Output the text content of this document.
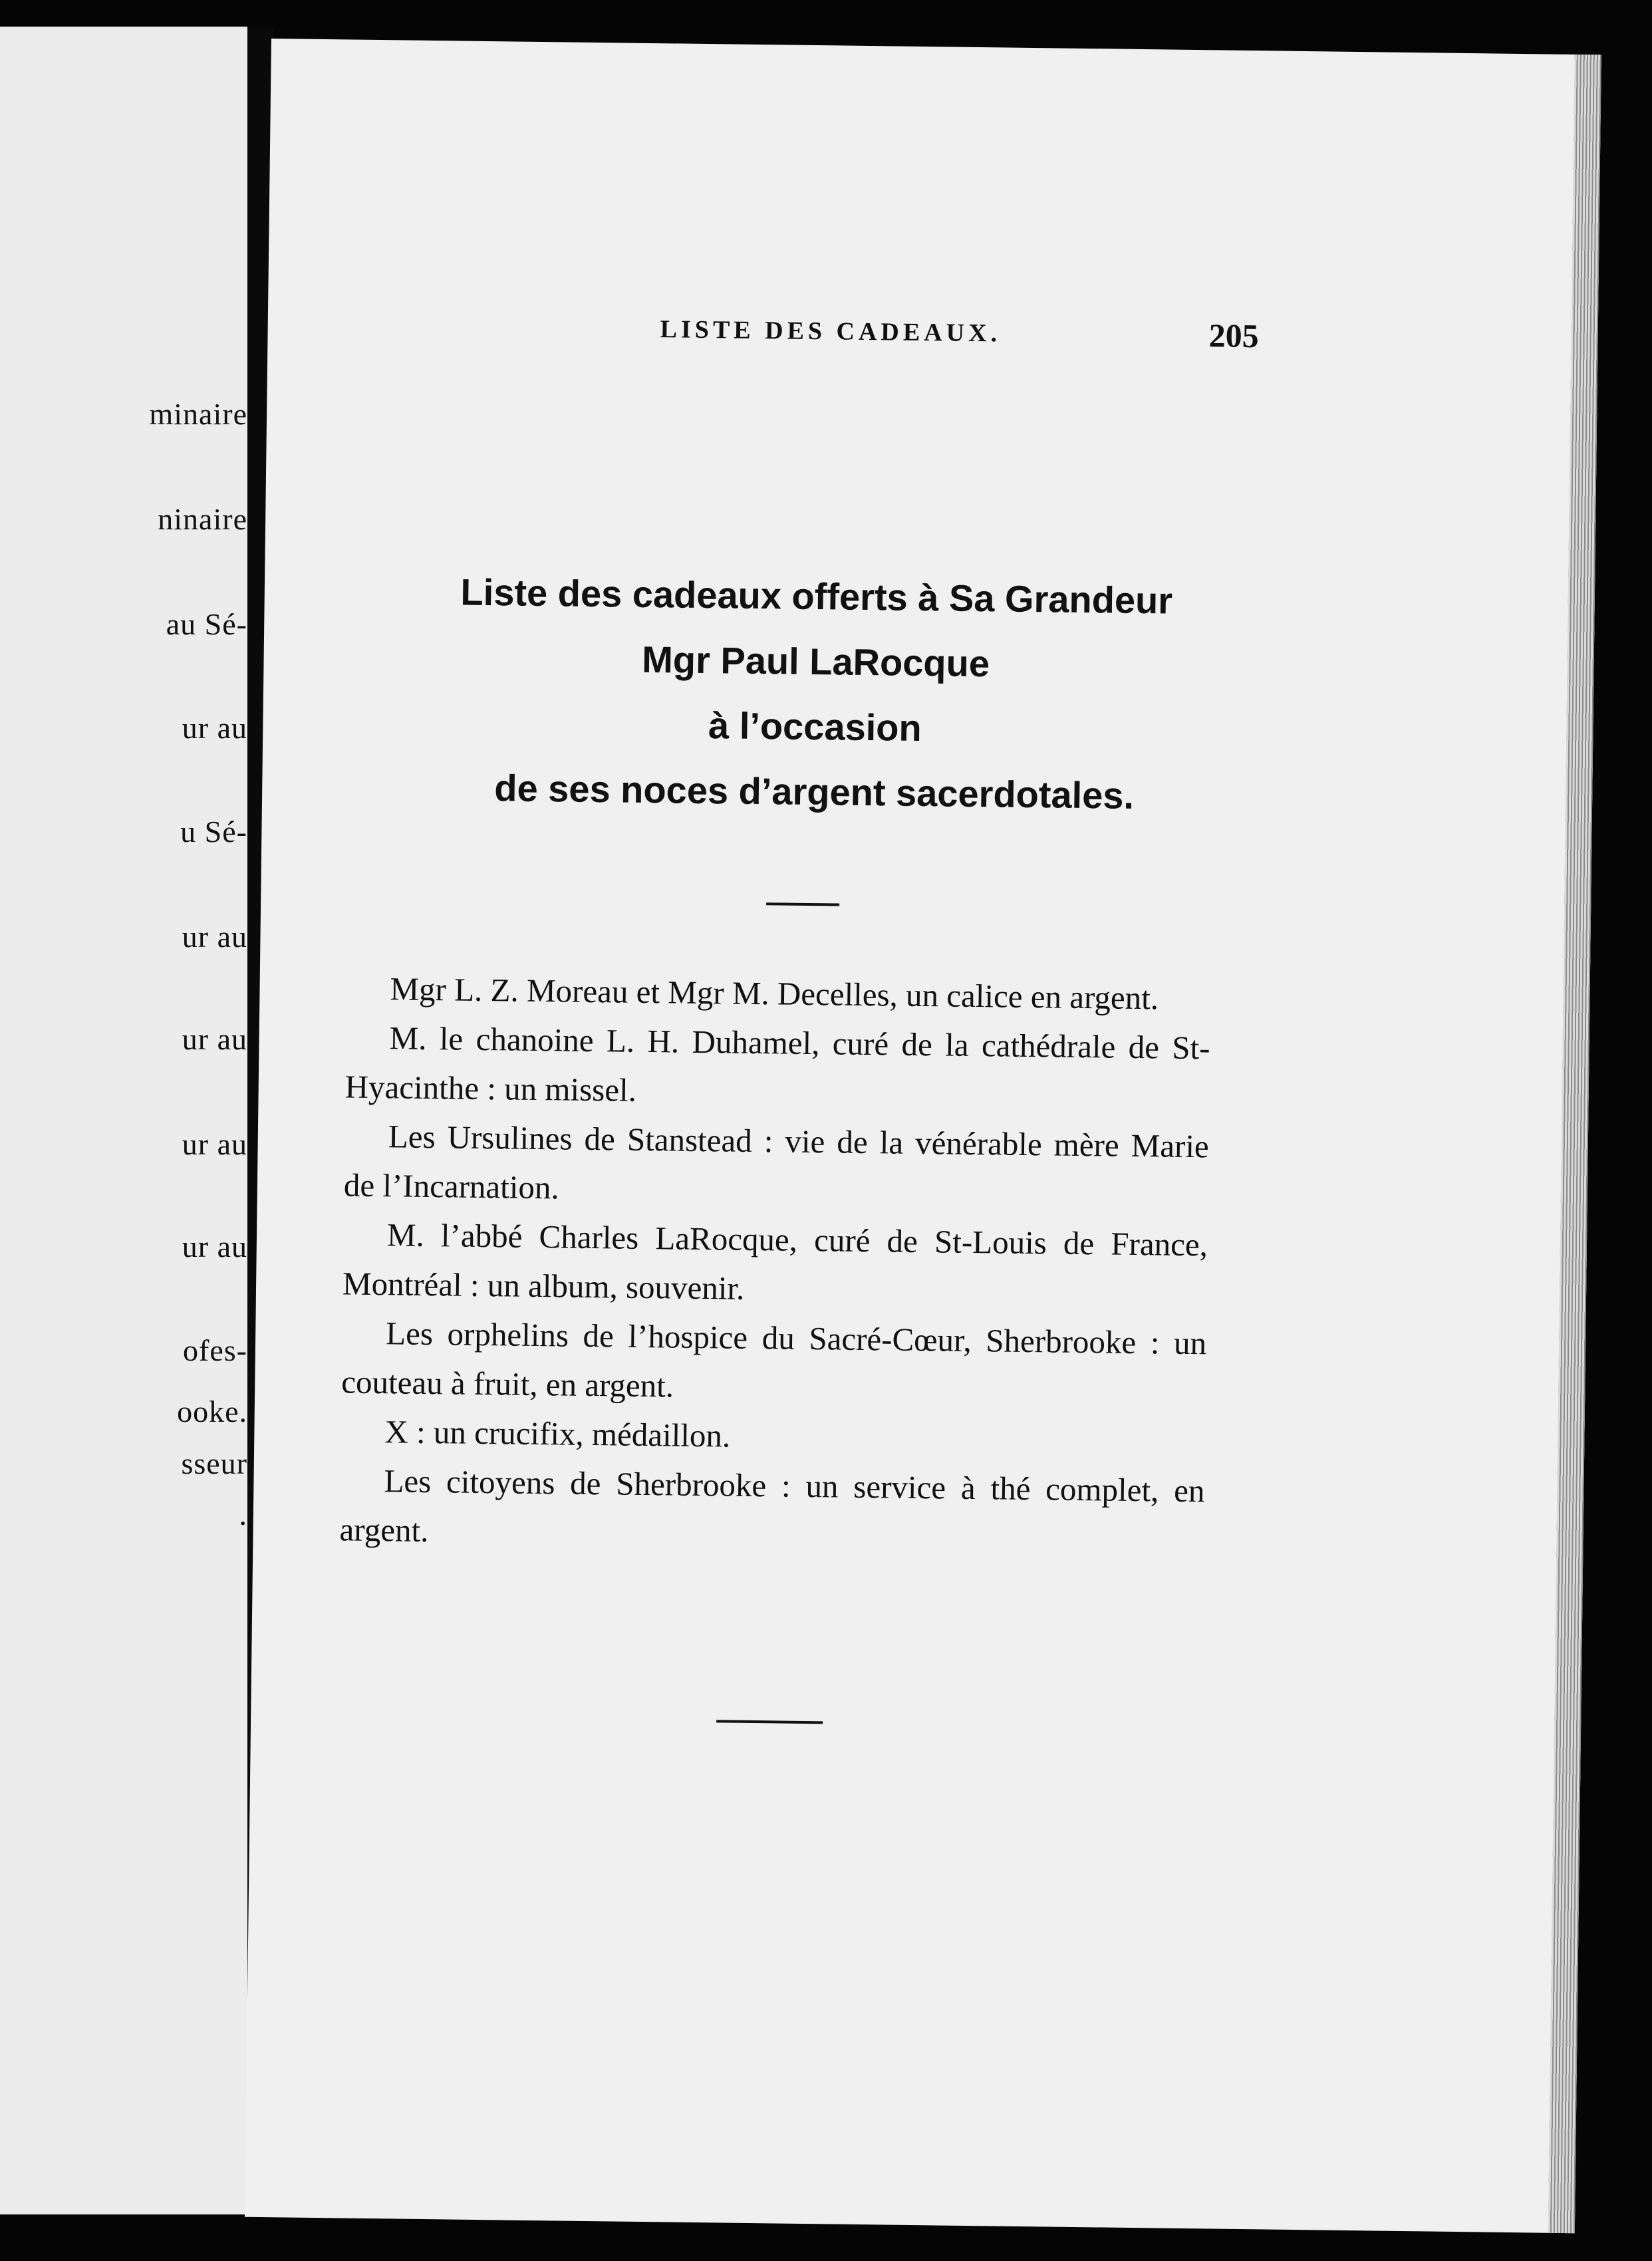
minaire
ninaire
au Sé-
ur au
u Sé-
ur au
ur au
ur au
ur au
ofes-
ooke.
sseur
.
LISTE DES CADEAUX.	205
Liste des cadeaux offerts à Sa Grandeur
Mgr Paul LaRocque
à l’occasion
de ses noces d’argent sacerdotales.

Mgr L. Z. Moreau et Mgr M. Decelles, un calice en argent.

M. le chanoine L. H. Duhamel, curé de la cathédrale de St-Hyacinthe : un missel.

Les Ursulines de Stanstead : vie de la vénérable mère Marie de l’Incarnation.

M. l’abbé Charles LaRocque, curé de St-Louis de France, Montréal : un album, souvenir.

Les orphelins de l’hospice du Sacré-Cœur, Sherbrooke : un couteau à fruit, en argent.

X : un crucifix, médaillon.

Les citoyens de Sherbrooke : un service à thé complet, en argent.
